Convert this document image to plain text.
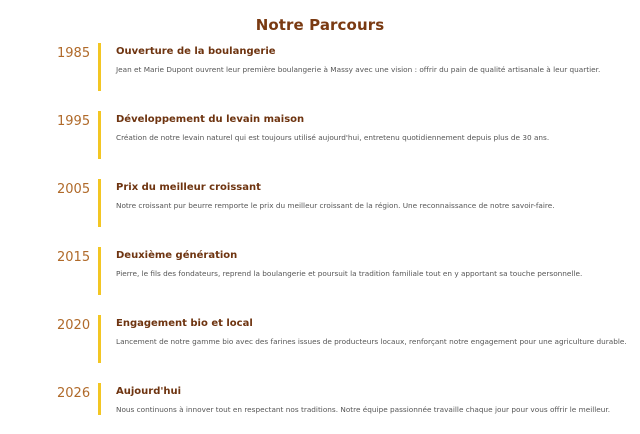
Notre Parcours
1985	Ouverture de la boulangerie
Jean et Marie Dupont ouvrent leur première boulangerie à Massy avec une vision : offrir du pain de qualité artisanale à leur quartier.
1995	Développement du levain maison
Création de notre levain naturel qui est toujours utilisé aujourd'hui, entretenu quotidiennement depuis plus de 30 ans.
2005	Prix du meilleur croissant
Notre croissant pur beurre remporte le prix du meilleur croissant de la région. Une reconnaissance de notre savoir-faire.
2015	Deuxième génération
Pierre, le fils des fondateurs, reprend la boulangerie et poursuit la tradition familiale tout en y apportant sa touche personnelle.
2020	Engagement bio et local
Lancement de notre gamme bio avec des farines issues de producteurs locaux, renforçant notre engagement pour une agriculture durable.
2026	Aujourd'hui
Nous continuons à innover tout en respectant nos traditions. Notre équipe passionnée travaille chaque jour pour vous offrir le meilleur.
